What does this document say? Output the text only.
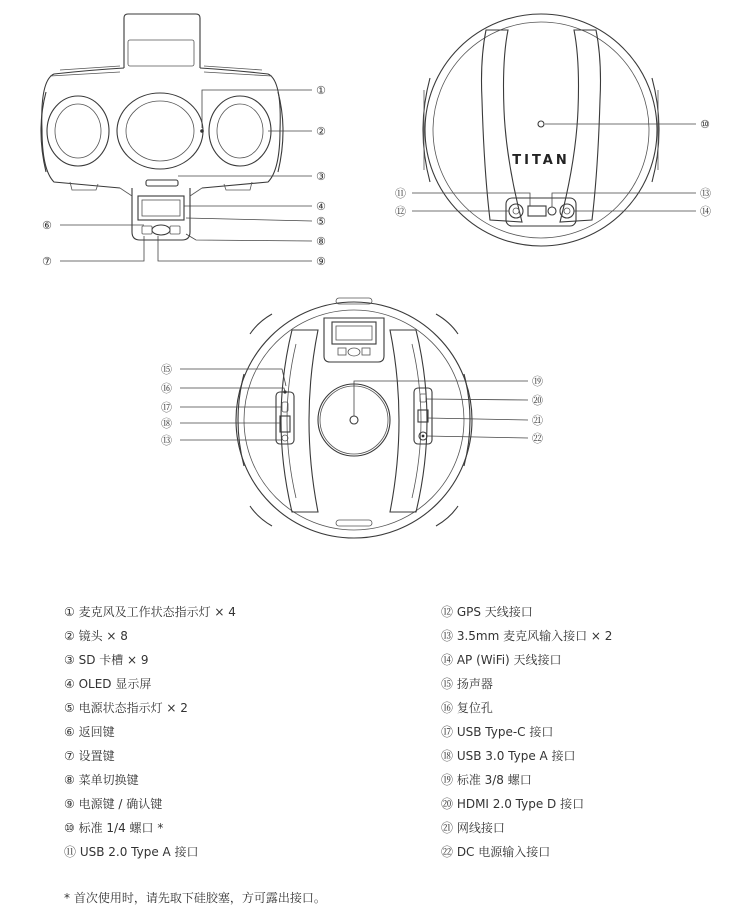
①
②
③
④
⑤
⑥
⑧
⑦	⑨
TITAN
⑩
⑪
⑫
⑬
⑭
⑮
⑯
⑰
⑱
⑬
⑲
⑳
㉑
㉒
① 麦克风及工作状态指示灯 × 4
② 镜头 × 8
③ SD 卡槽 × 9
④ OLED 显示屏
⑤ 电源状态指示灯 × 2
⑥ 返回键
⑦ 设置键
⑧ 菜单切换键
⑨ 电源键 / 确认键
⑩ 标准 1/4 螺口 *
⑪ USB 2.0 Type A 接口
⑫ GPS 天线接口
⑬ 3.5mm 麦克风输入接口 × 2
⑭ AP (WiFi) 天线接口
⑮ 扬声器
⑯ 复位孔
⑰ USB Type-C 接口
⑱ USB 3.0 Type A 接口
⑲ 标准 3/8 螺口
⑳ HDMI 2.0 Type D 接口
㉑ 网线接口
㉒ DC 电源输入接口
* 首次使用时，请先取下硅胶塞，方可露出接口。
